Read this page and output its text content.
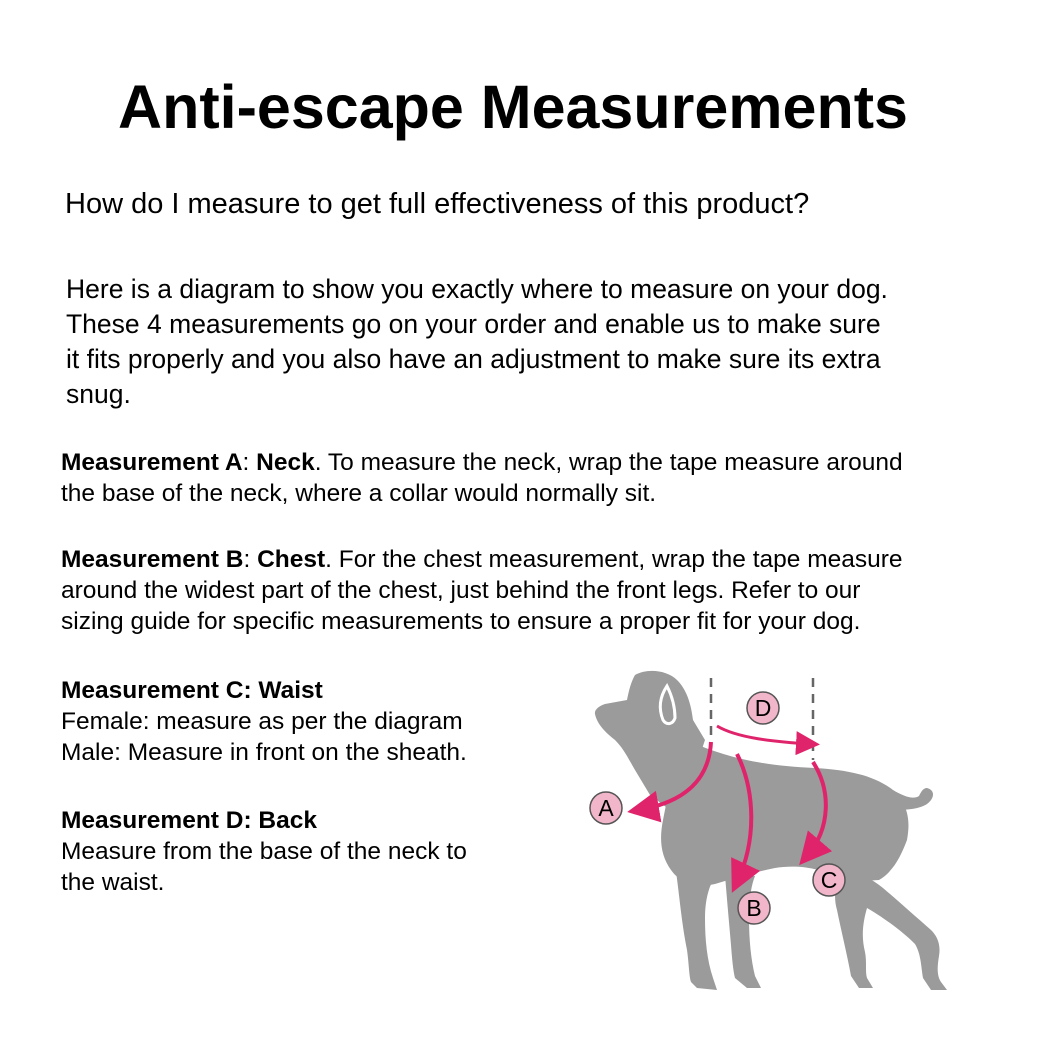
Anti-escape Measurements
How do I measure to get full effectiveness of this product?
Here is a diagram to show you exactly where to measure on your dog.
These 4 measurements go on your order and enable us to make sure
it fits properly and you also have an adjustment to make sure its extra
snug.
Measurement A: Neck. To measure the neck, wrap the tape measure around
the base of the neck, where a collar would normally sit.
Measurement B: Chest. For the chest measurement, wrap the tape measure
around the widest part of the chest, just behind the front legs. Refer to our
sizing guide for specific measurements to ensure a proper fit for your dog.
Measurement C: Waist
Female: measure as per the diagram
Male: Measure in front on the sheath.
Measurement D: Back
Measure from the base of the neck to
the waist.
D
A
C
B
